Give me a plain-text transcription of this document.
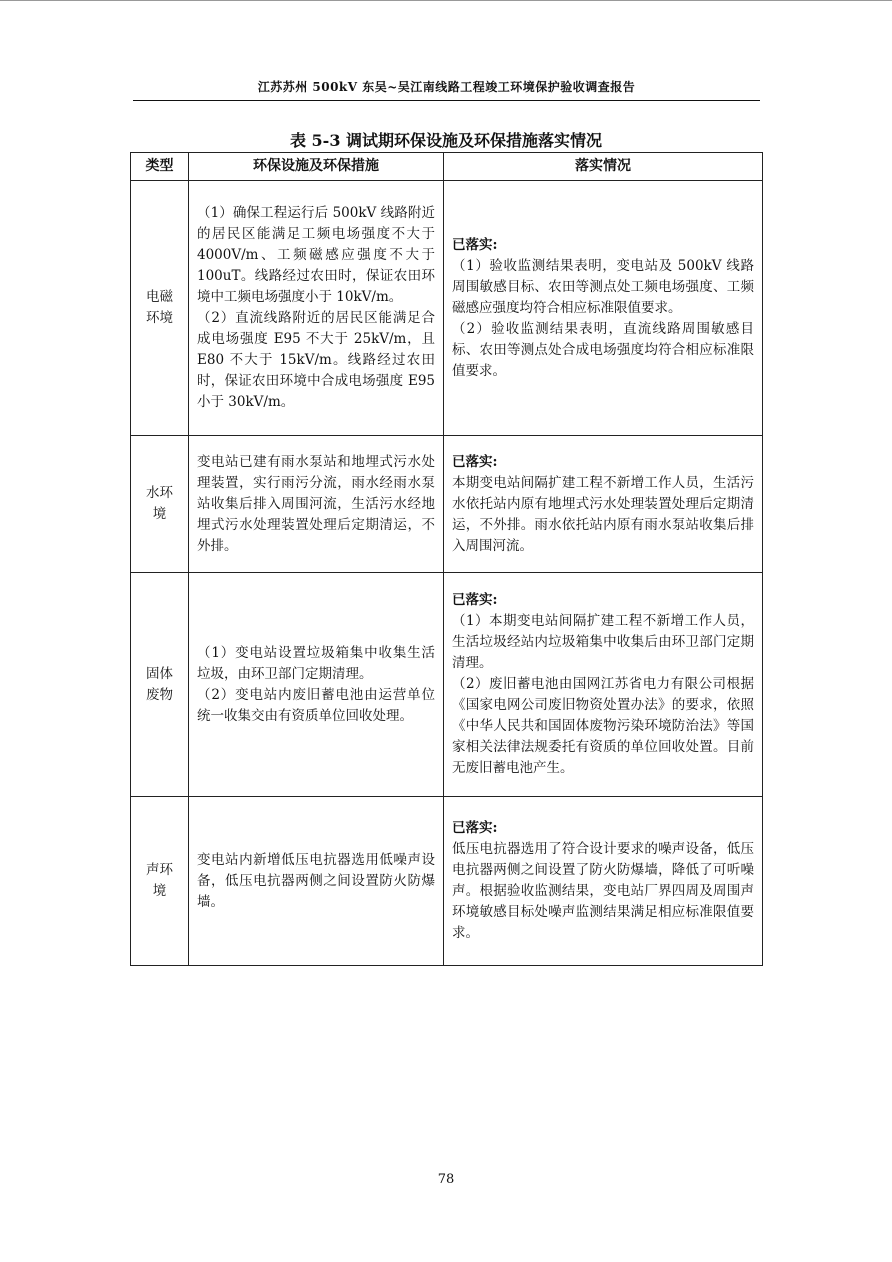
江苏苏州 500kV 东吴~吴江南线路工程竣工环境保护验收调查报告
表 5-3 调试期环保设施及环保措施落实情况
类型	环保设施及环保措施	落实情况
电磁环境	（1）确保工程运行后 500kV 线路附近的居民区能满足工频电场强度不大于 4000V/m、工频磁感应强度不大于 100uT。线路经过农田时，保证农田环境中工频电场强度小于 10kV/m。
（2）直流线路附近的居民区能满足合成电场强度 E95 不大于 25kV/m，且 E80 不大于 15kV/m。线路经过农田时，保证农田环境中合成电场强度 E95 小于 30kV/m。	已落实:
（1）验收监测结果表明，变电站及 500kV 线路周围敏感目标、农田等测点处工频电场强度、工频磁感应强度均符合相应标准限值要求。
（2）验收监测结果表明，直流线路周围敏感目标、农田等测点处合成电场强度均符合相应标准限值要求。

水环境	变电站已建有雨水泵站和地埋式污水处理装置，实行雨污分流，雨水经雨水泵站收集后排入周围河流，生活污水经地埋式污水处理装置处理后定期清运，不外排。	已落实:
本期变电站间隔扩建工程不新增工作人员，生活污水依托站内原有地埋式污水处理装置处理后定期清运，不外排。雨水依托站内原有雨水泵站收集后排入周围河流。

固体废物	（1）变电站设置垃圾箱集中收集生活垃圾，由环卫部门定期清理。
（2）变电站内废旧蓄电池由运营单位统一收集交由有资质单位回收处理。	已落实:
（1）本期变电站间隔扩建工程不新增工作人员，生活垃圾经站内垃圾箱集中收集后由环卫部门定期清理。
（2）废旧蓄电池由国网江苏省电力有限公司根据《国家电网公司废旧物资处置办法》的要求，依照《中华人民共和国固体废物污染环境防治法》等国家相关法律法规委托有资质的单位回收处置。目前无废旧蓄电池产生。

声环境	变电站内新增低压电抗器选用低噪声设备，低压电抗器两侧之间设置防火防爆墙。	已落实:
低压电抗器选用了符合设计要求的噪声设备，低压电抗器两侧之间设置了防火防爆墙，降低了可听噪声。根据验收监测结果，变电站厂界四周及周围声环境敏感目标处噪声监测结果满足相应标准限值要求。
78
